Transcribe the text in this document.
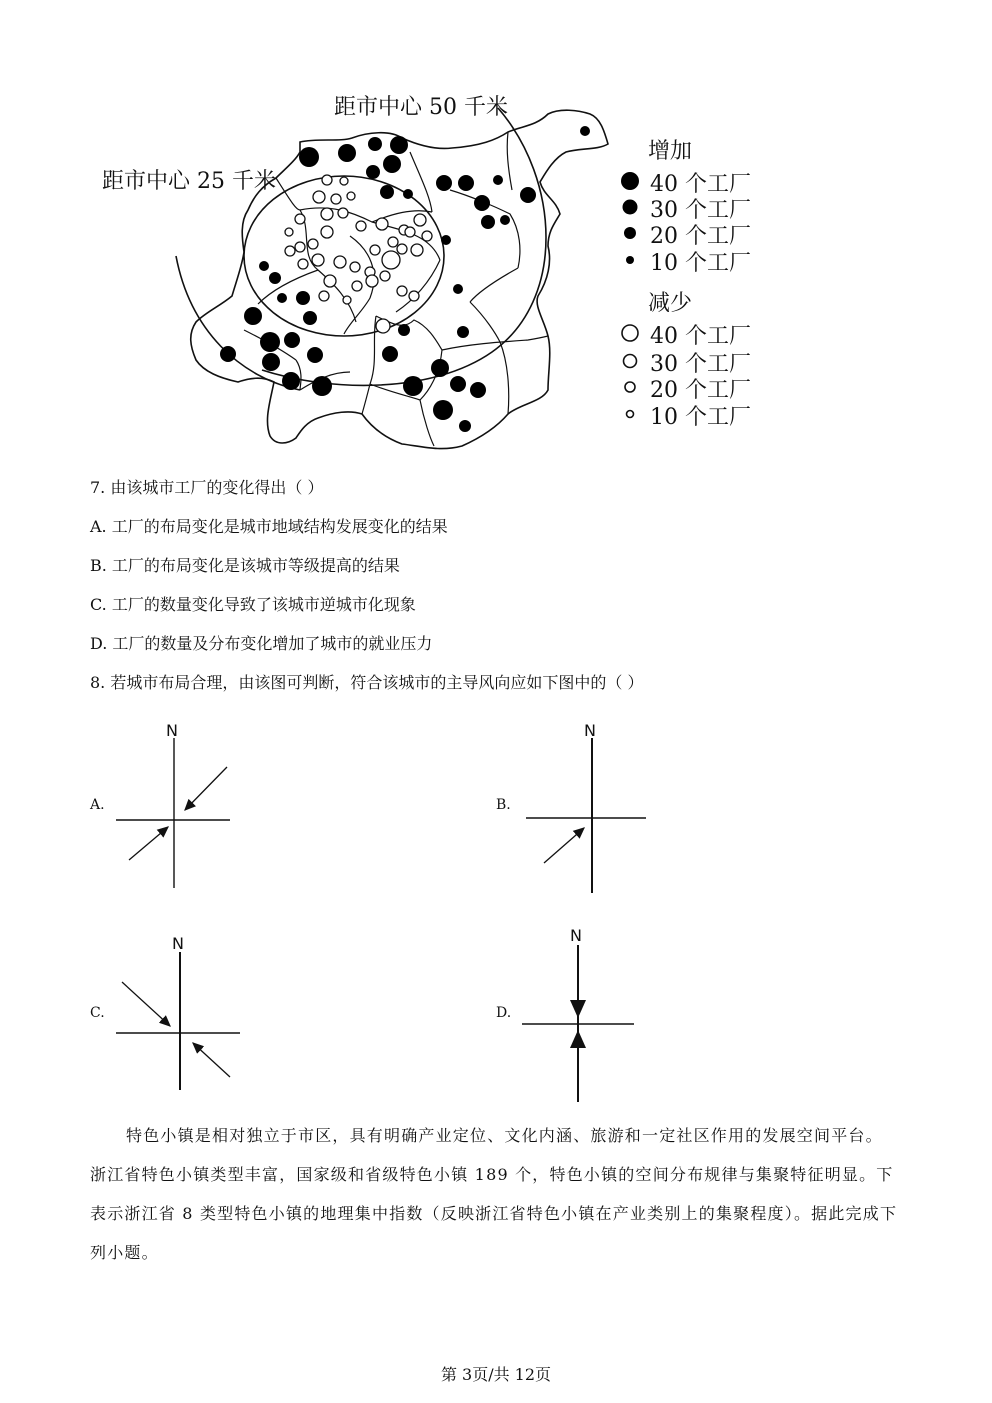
距市中心 50 千米
距市中心 25 千米
增加
40 个工厂
30 个工厂
20 个工厂
10 个工厂
减少
40 个工厂
30 个工厂
20 个工厂
10 个工厂
7. 由该城市工厂的变化得出（ ）
A. 工厂的布局变化是城市地域结构发展变化的结果
B. 工厂的布局变化是该城市等级提高的结果
C. 工厂的数量变化导致了该城市逆城市化现象
D. 工厂的数量及分布变化增加了城市的就业压力
8. 若城市布局合理，由该图可判断，符合该城市的主导风向应如下图中的（ ）
N	N
N	N
A.	B.
C.	D.
特色小镇是相对独立于市区，具有明确产业定位、文化内涵、旅游和一定社区作用的发展空间平台。
浙江省特色小镇类型丰富，国家级和省级特色小镇 189 个，特色小镇的空间分布规律与集聚特征明显。下
表示浙江省 8 类型特色小镇的地理集中指数（反映浙江省特色小镇在产业类别上的集聚程度）。据此完成下
列小题。
第 3页/共 12页
